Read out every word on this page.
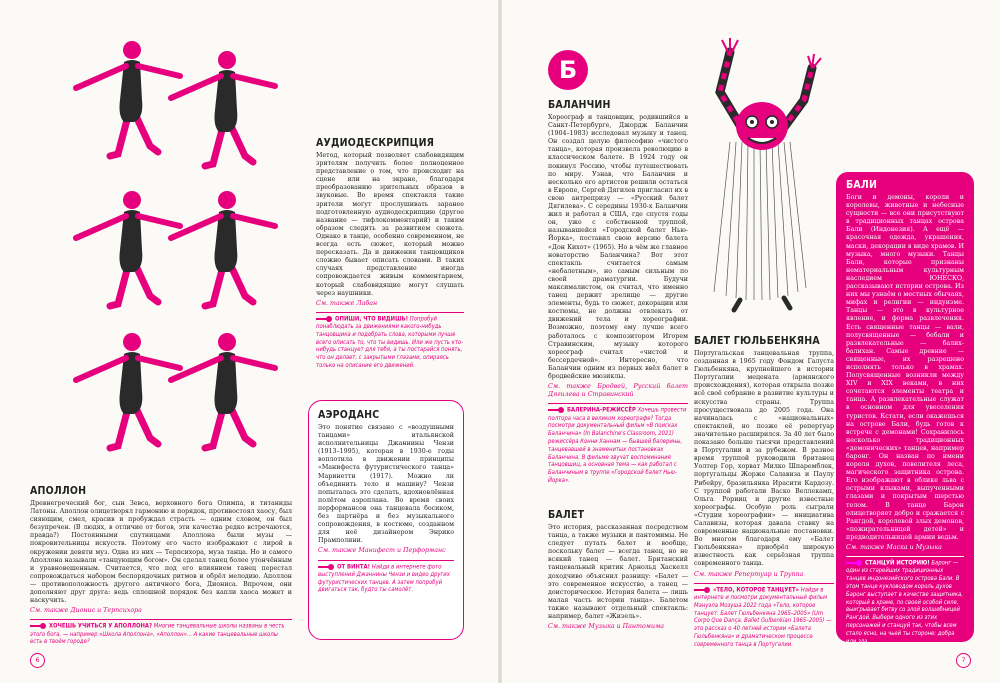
АПОЛЛОН

Древнегреческий бог, сын Зевса, верховного бога Олимпа, и титаниды Латоны. Аполлон олицетворял гармонию и порядок, противостоял хаосу, был сияющим, смел, красив и пробуждал страсть — одним словом, он был безупречен. (В людях, в отличие от богов, эти качества редко встречаются, правда?) Постоянными спутницами Аполлона были музы — покровительницы искусств. Поэтому его часто изображают с лирой в окружении девяти муз. Одна из них — Терпсихора, муза танца. Но и самого Аполлона называли «танцующим богом». Он сделал танец более утончённым и уравновешенным. Считается, что под его влиянием танец перестал сопровождаться набором беспорядочных ритмов и обрёл мелодию. Аполлон — противоположность другого античного бога, Диониса. Впрочем, они дополняют друг друга: ведь сплошной порядок без капли хаоса может и наскучить.

См. также Дионис и Терпсихора
ХОЧЕШЬ УЧИТЬСЯ У АПОЛЛОНА? Многие танцевальные школы названы в честь этого бога, — например «Школа Аполлона», «Аполлон»... А какие танцевальные школы есть в твоём городе?
АУДИОДЕСКРИПЦИЯ

Метод, который позволяет слабовидящим зрителям получить более полноценное представление о том, что происходит на сцене или на экране, благодаря преобразованию зрительных образов в звуковые. Во время спектакля такие зрители могут прослушивать заранее подготовленную аудиодескрипцию (другое название — тифлокомментарий) и таким образом следить за развитием сюжета. Однако в танце, особенно современном, не всегда есть сюжет, который можно пересказать. Да и движения танцовщиков сложно бывает описать словами. В таких случаях представление иногда сопровождается живым комментарием, который слабовидящие могут слушать через наушники.

См. также Лабан
ОПИШИ, ЧТО ВИДИШЬ! Попробуй понаблюдать за движениями какого-нибудь танцовщика и подобрать слова, которыми лучше всего описать то, что ты видишь. Или же пусть кто-нибудь станцует для тебя, а ты постарайся понять, что он делает, с закрытыми глазами, опираясь только на описание его движений.
АЭРОДАНС

Это понятие связано с «воздушными танцами» итальянской исполнительницы Джаннины Чензи (1913–1995), которая в 1930-е годы воплотила в движении принципы «Манифеста футуристического танца» Маринетти (1917). Можно ли объединить тело и машину? Чензи попыталась это сделать, вдохновлённая полётом аэроплана. Во время своих перформансов она танцевала босиком, без партнёра и без музыкального сопровождения, в костюме, созданном для неё дизайнером Энрико Прамполини.

См. также Манифест и Перформанс
ОТ ВИНТА! Найди в интернете фото выступлений Джаннины Чензи и видео других футуристических танцев. А затем попробуй двигаться так, будто ты самолёт.
6
Б
БАЛАНЧИН

Хореограф и танцовщик, родившийся в Санкт-Петербурге, Джордж Баланчин (1904–1983) исследовал музыку и танец. Он создал целую философию «чистого танца», которая произвела революцию в классическом балете. В 1924 году он покинул Россию, чтобы путешествовать по миру. Узнав, что Баланчин и несколько его артистов решили остаться в Европе, Сергей Дягилев пригласил их в свою антрепризу — «Русский балет Дягилева». С середины 1930-х Баланчин жил и работал в США, где спустя годы он, уже с собственной труппой, называвшейся «Городской балет Нью-Йорка», поставил свою версию балета «Дон Кихот» (1965). Но в чём же главное новаторство Баланчина? Вот этот спектакль считается самым «небалетным», но самым сильным по своей драматургии. Будучи максималистом, он считал, что именно танец держит зрелище — другие элементы, будь то сюжет, декорации или костюмы, не должны отвлекать от движений тела и хореографии. Возможно, поэтому ему лучше всего работалось с композитором Игорем Стравинским, музыку которого хореограф считал «чистой и бессердечной». Интересно, что Баланчин одним из первых ввёл балет в бродвейские мюзиклы.

См. также Бродвей, Русский балет Дягилева и Стравинский
БАЛЕРИНА-РЕЖИССЁР Хочешь провести полтора часа в великом хореографе? Тогда посмотри документальный фильм «В поисках Баланчина» (In Balanchine's Classroom, 2021) режиссёра Конни Ханнам — бывшей балерины, танцевавшей в знаменитых постановках Баланчина. В фильме звучат воспоминания танцовщиц, а основная тема — как работал с Баланчиным в труппе «Городской балет Нью-Йорка».
БАЛЕТ

Это история, рассказанная посредством танца, а также музыки и пантомимы. Не следует путать балет и вообще, поскольку балет — всегда танец, но не всякий танец — балет. Британский танцевальный критик Арнольд Хаскелл доходчиво объяснил разницу: «Балет — это современное искусство, а танец — доисторическое. История балета — лишь малая часть истории танца». Балетом также называют отдельный спектакль: например, балет «Жизель».

См. также Музыка и Пантомима
БАЛЕТ ГЮЛЬБЕНКЯНА

Португальская танцевальная труппа, созданная в 1965 году Фондом Галуста Гюльбенкяна, крупнейшего в истории Португалии мецената (армянского происхождения), которая открыла позже всё своё собрание в развитие культуры и искусства страны. Труппа просуществовала до 2005 года. Она начиналась с «национальных» спектаклей, но позже её репертуар значительно расширился. За 40 лет было показано больше тысячи представлений в Португалии и за рубежом. В разное время труппой руководили британец Уолтер Гор, хорват Милко Шпаремблек, португальцы Жорже Салавиза и Паулу Рибейру, бразильянка Ирасити Кардозу. С труппой работали Васко Веллекамп, Ольга Рорииц и другие известные хореографы. Особую роль сыграли «Студии хореографии» — инициатива Салавизы, которая давала ставку на современные национальные постановки. Во многом благодаря ему «Балет Гюльбенкяна» приобрёл широкую известность как серьёзная труппа современного танца.

См. также Репертуар и Труппа
«ТЕЛО, КОТОРОЕ ТАНЦУЕТ» Найди в интернете и посмотри документальный фильм Мануэла Мозуша 2022 года «Тело, которое танцует: Балет Гюльбенкяна 1965–2005» (Um Corpo Que Dança. Ballet Gulbenkian 1965–2005) — это рассказ о 40 летней истории «Балета Гюльбенкяна» и драматическом процессе современного танца в Португалии.
БАЛИ

Боги и демоны, короли и королевы, животные и небесные сущности — все они присутствуют в традиционных танцах острова Бали (Индонезия). А ещё — красочная одежда, украшения, маски, декорации в виде храмов. И музыка, много музыки. Танцы Бали, которые признаны нематериальным культурным наследием ЮНЕСКО, рассказывают истории острова. Из них мы узнаём о местных обычаях, мифах и религии — индуизме. Танцы — это в культурное явление, и форма развлечения. Есть священные танцы — вали, полусвященные — бебали и развлекательные — балих-балихан. Самые древние — священные, их разрешено исполнять только в храмах. Полусвященные возникли между XIV и XIX веками, в них сочетаются элементы театра и танца. А развлекательные служат в основном для увеселения туристов. Кстати, если окажешься на острове Бали, будь готов к встрече с демонами! Сохранилось несколько традиционных «демонических» танцев, например баронг. Он назван по имени короля духов, повелителя леса, магического защитника острова. Его изображают в облике льва с острыми клыками, выпученными глазами и покрытым шерстью телом. В танце Барон олицетворяет добро и сражается с Рангдой, королевой злых демонов, «пожирательницей детей» и предводительницей армии ведьм.

См. также Маска и Музыка
СТАНЦУЙ ИСТОРИЮ! Баронг — один из старейших традиционных танцев индонезийского острова Бали. В этом танце кукловодом король духов Баронг выступает в качестве защитника, который в храме, по своей особой силе, выигрывает битву со злой волшебницей Рангдой. Выбери одного из этих персонажей и станцуй так, чтобы всем стало ясно, на чьей ты стороне: добра или зла.
7
